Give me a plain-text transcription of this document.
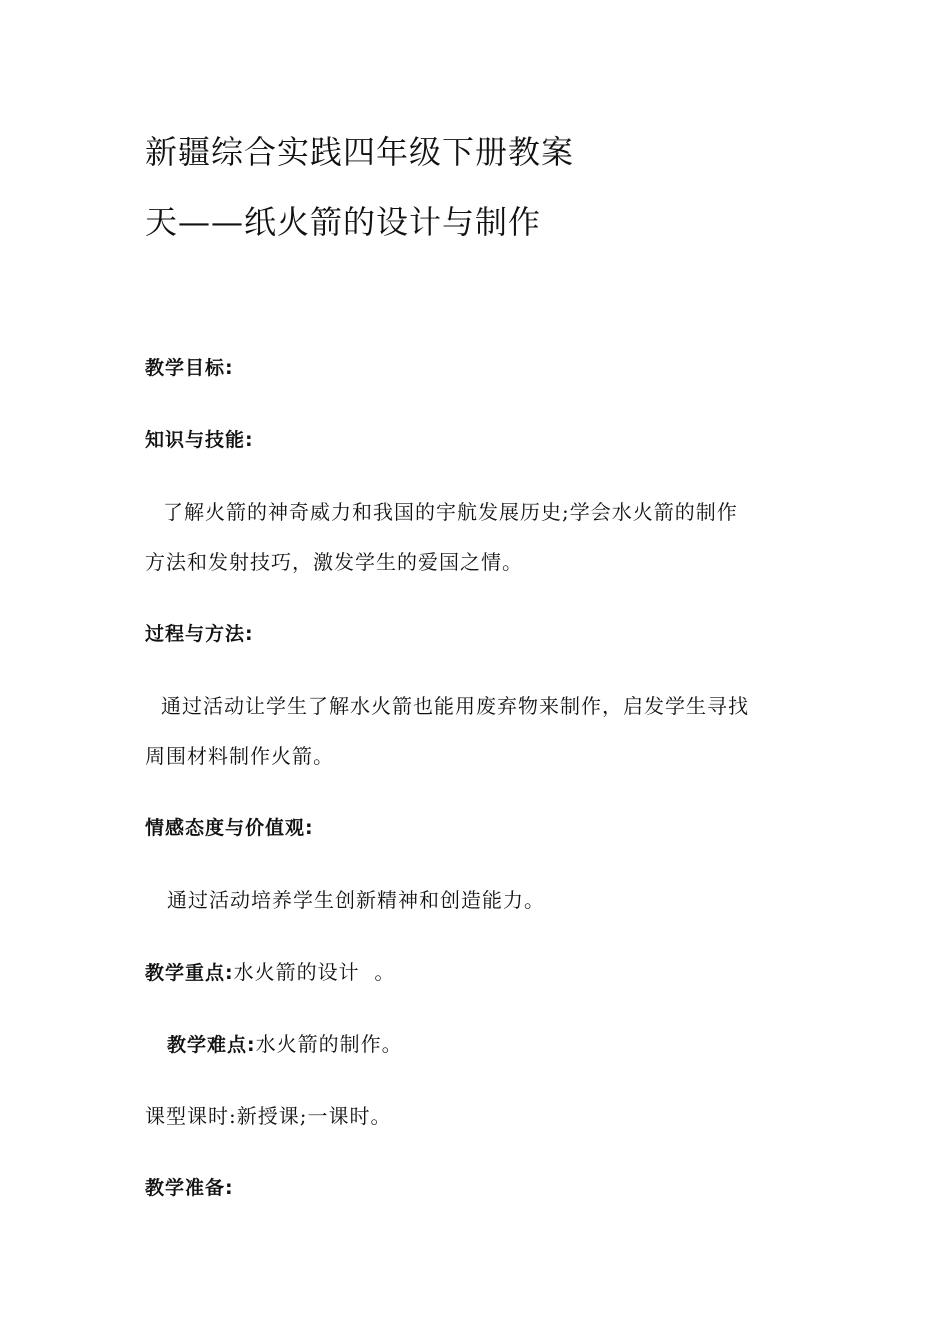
新疆综合实践四年级下册教案
天——纸火箭的设计与制作
教学目标:
知识与技能:
了解火箭的神奇威力和我国的宇航发展历史;学会水火箭的制作
方法和发射技巧，激发学生的爱国之情。
过程与方法:
通过活动让学生了解水火箭也能用废弃物来制作，启发学生寻找
周围材料制作火箭。
情感态度与价值观:
通过活动培养学生创新精神和创造能力。
教学重点:水火箭的设计  。
教学难点:水火箭的制作。
课型课时:新授课;一课时。
教学准备:
